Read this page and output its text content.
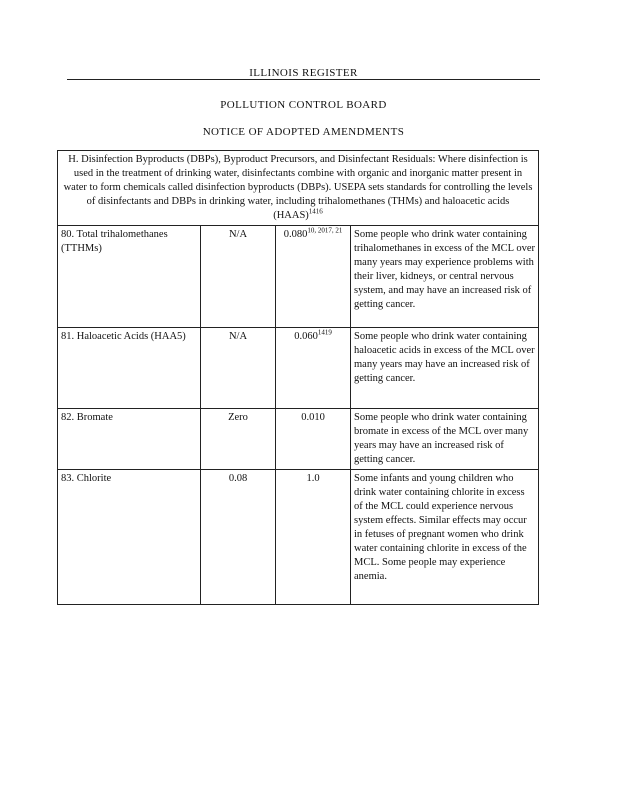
ILLINOIS REGISTER
POLLUTION CONTROL BOARD
NOTICE OF ADOPTED AMENDMENTS
H. Disinfection Byproducts (DBPs), Byproduct Precursors, and Disinfectant Residuals: Where disinfection is used in the treatment of drinking water, disinfectants combine with organic and inorganic matter present in water to form chemicals called disinfection byproducts (DBPs). USEPA sets standards for controlling the levels of disinfectants and DBPs in drinking water, including trihalomethanes (THMs) and haloacetic acids (HAAS)$^{1416}$
80. Total trihalomethanes (TTHMs)	N/A	$0.080^{10, 2017, 21}$	Some people who drink water containing trihalomethanes in excess of the MCL over many years may experience problems with their liver, kidneys, or central nervous system, and may have an increased risk of getting cancer.
81. Haloacetic Acids (HAA5)	N/A	$0.060^{1419}$	Some people who drink water containing haloacetic acids in excess of the MCL over many years may have an increased risk of getting cancer.
82. Bromate	Zero	0.010	Some people who drink water containing bromate in excess of the MCL over many years may have an increased risk of getting cancer.
83. Chlorite	0.08	1.0	Some infants and young children who drink water containing chlorite in excess of the MCL could experience nervous system effects. Similar effects may occur in fetuses of pregnant women who drink water containing chlorite in excess of the MCL. Some people may experience anemia.
